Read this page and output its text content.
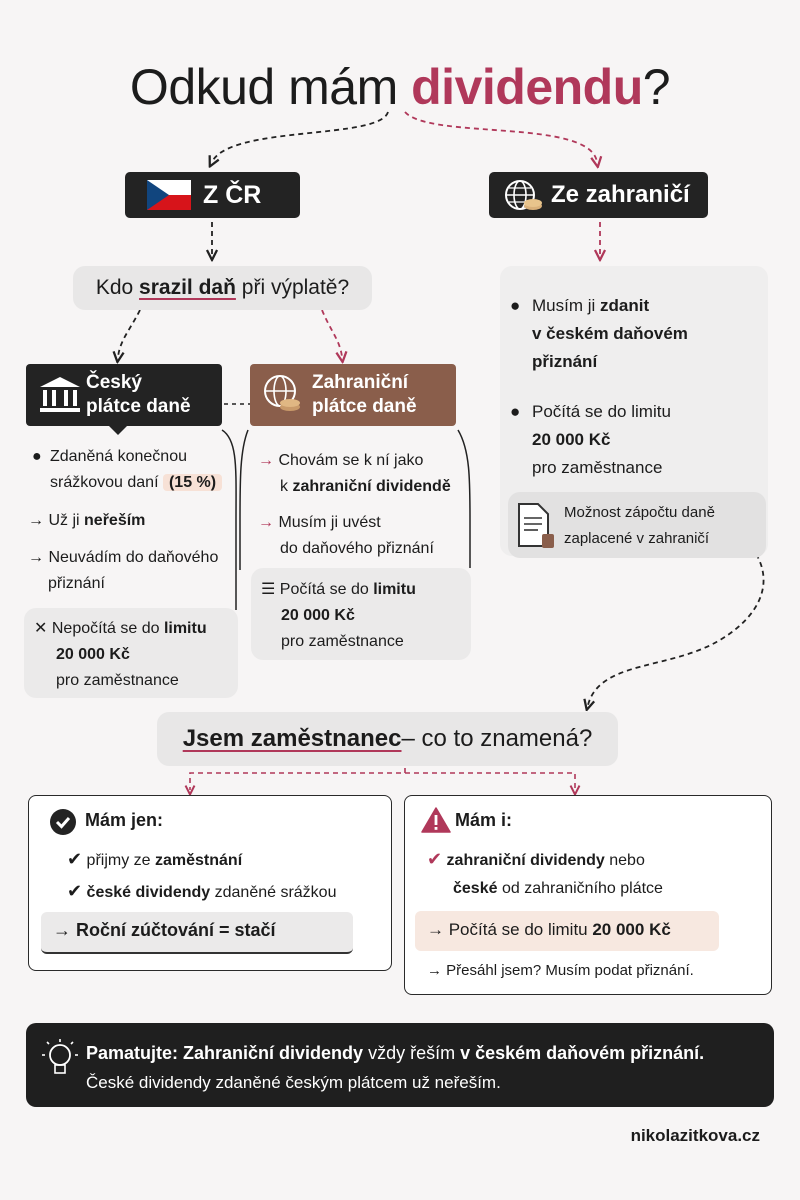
Odkud mám dividendu?
Z ČR	Ze zahraničí
Kdo
srazil daň
při výplatě?
Český
plátce daně
● Zdaněná konečnou
srážkovou daní (15 %)
→ Už ji neřeším
→ Neuvádím do daňového
přiznání
✕ Nepočítá se do limitu
20 000 Kč
pro zaměstnance
Zahraniční
plátce daně
→ Chovám se k ní jako
k zahraniční dividendě
→ Musím ji uvést
do daňového přiznání
☰ Počítá se do limitu
20 000 Kč
pro zaměstnance
● Musím ji zdanit
v českém daňovém
přiznání
● Počítá se do limitu
20 000 Kč
pro zaměstnance
Možnost zápočtu daně
zaplacené v zahraničí
Jsem zaměstnanec – co to znamená?
Mám jen:
✔ přijmy ze zaměstnání
✔ české dividendy zdaněné srážkou
→ Roční zúčtování = stačí
Mám i:
✔ zahraniční dividendy nebo
české od zahraničního plátce
→ Počítá se do limitu 20 000 Kč
→ Přesáhl jsem? Musím podat přiznání.
Pamatujte: Zahraniční dividendy vždy řeším v českém daňovém přiznání.
České dividendy zdaněné českým plátcem už neřeším.
nikolazitkova.cz
